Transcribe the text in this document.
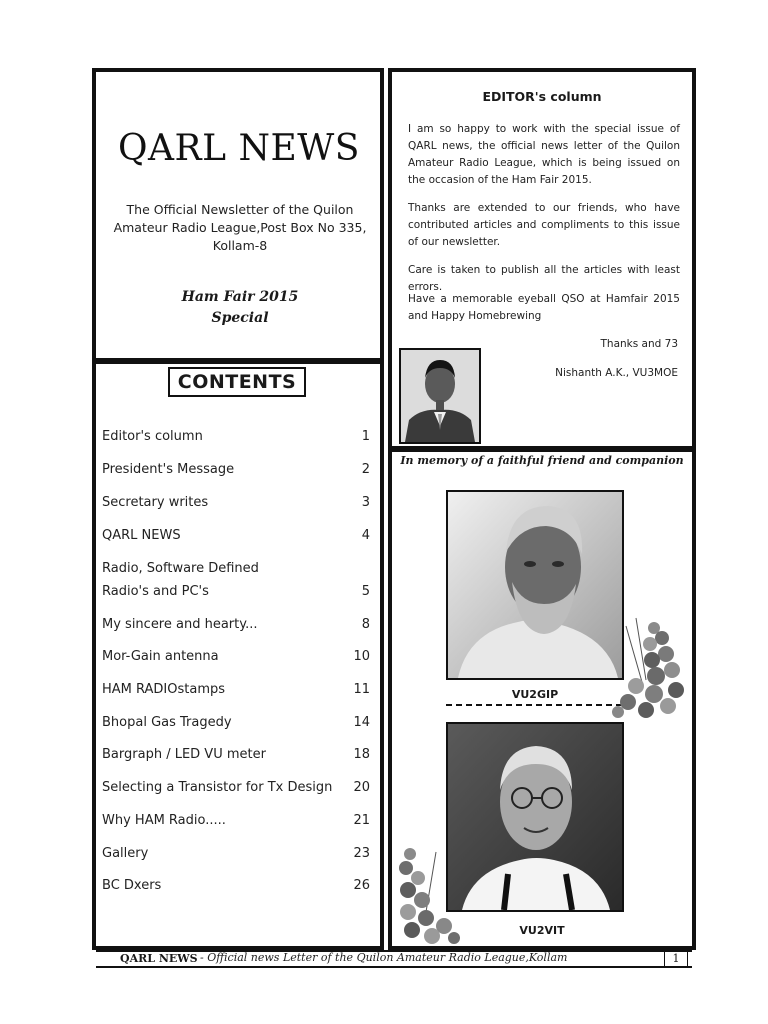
QARL NEWS
The Official Newsletter of the Quilon Amateur Radio League,Post Box No 335, Kollam-8
Ham Fair 2015
Special
CONTENTS
Editor's column	1
President's Message	2
Secretary writes	3
QARL NEWS	4
Radio, Software Defined
Radio's and PC's	5
My sincere and hearty...	8
Mor-Gain antenna	10
HAM RADIOstamps	11
Bhopal Gas Tragedy	14
Bargraph / LED VU meter	18
Selecting a Transistor for Tx Design	20
Why HAM Radio.....	21
Gallery	23
BC Dxers	26
EDITOR's column
I am so happy to work with the special issue of QARL news, the official news letter of the Quilon Amateur Radio League, which is being issued on the occasion of the Ham Fair 2015.
Thanks are extended to our friends, who have contributed articles and compliments to this issue of our newsletter.
Care is taken to publish all the articles with least errors.
Have a memorable eyeball QSO at Hamfair 2015 and Happy Homebrewing
Thanks and 73
Nishanth A.K., VU3MOE
In memory of a faithful friend and companion
VU2GIP
VU2VIT
QARL NEWS - Official news Letter of the Quilon Amateur Radio League,Kollam	1
